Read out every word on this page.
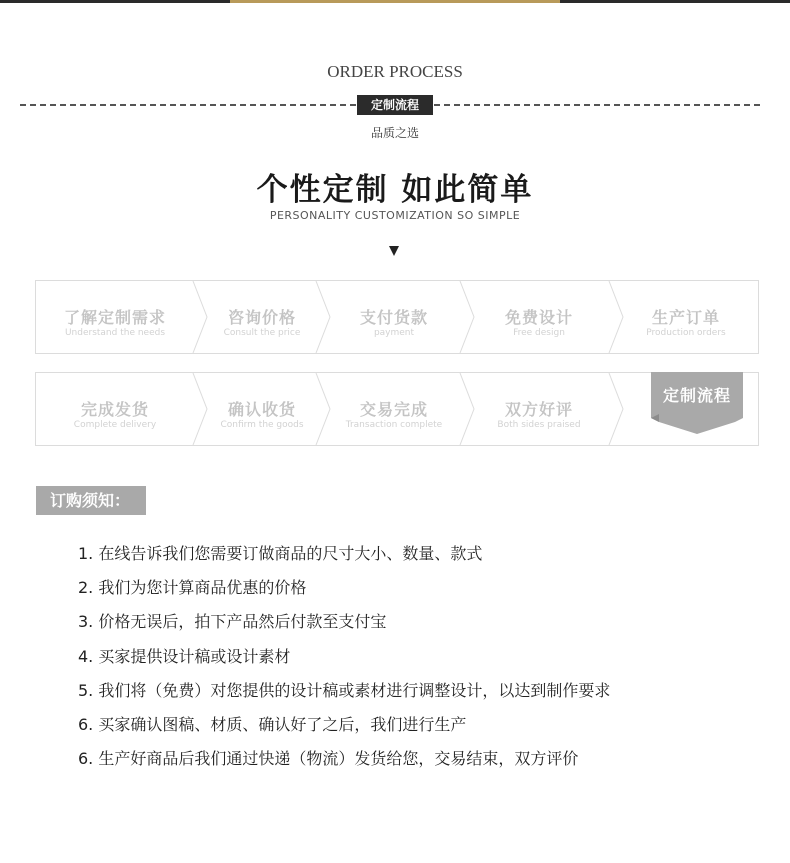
ORDER PROCESS
定制流程
品质之选
个性定制 如此简单
PERSONALITY CUSTOMIZATION SO SIMPLE
了解定制需求
Understand the needs
咨询价格
Consult the price
支付货款
payment
免费设计
Free design
生产订单
Production orders
完成发货
Complete delivery
确认收货
Confirm the goods
交易完成
Transaction complete
双方好评
Both sides praised
定制流程
订购须知：
1. 在线告诉我们您需要订做商品的尺寸大小、数量、款式
2. 我们为您计算商品优惠的价格
3. 价格无误后，拍下产品然后付款至支付宝
4. 买家提供设计稿或设计素材
5. 我们将（免费）对您提供的设计稿或素材进行调整设计，以达到制作要求
6. 买家确认图稿、材质、确认好了之后，我们进行生产
6. 生产好商品后我们通过快递（物流）发货给您，交易结束，双方评价
